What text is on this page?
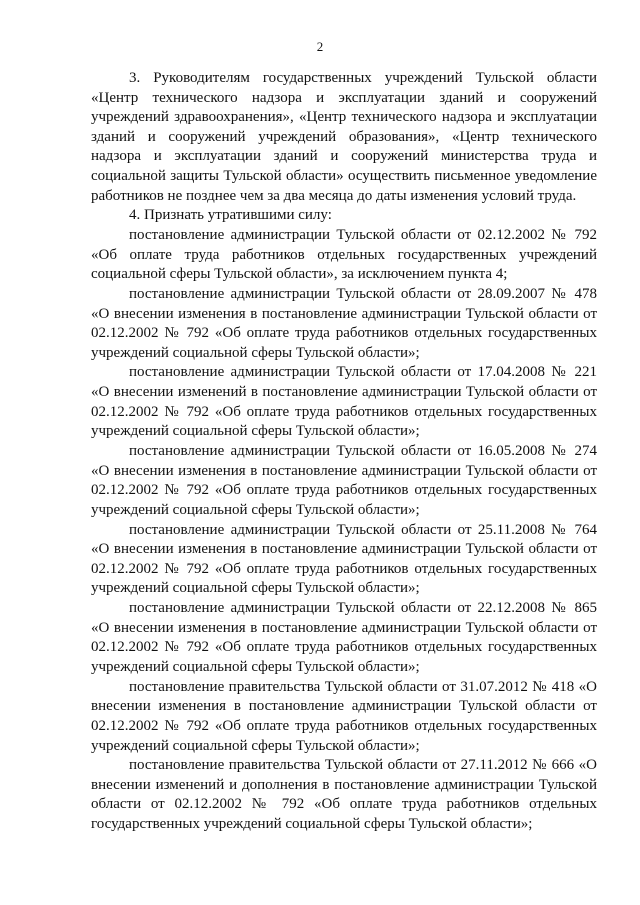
2
3. Руководителям государственных учреждений Тульской области «Центр технического надзора и эксплуатации зданий и сооружений учреждений здравоохранения», «Центр технического надзора и эксплуатации зданий и сооружений учреждений образования», «Центр технического надзора и эксплуатации зданий и сооружений министерства труда и социальной защиты Тульской области» осуществить письменное уведомление работников не позднее чем за два месяца до даты изменения условий труда.
4. Признать утратившими силу:
постановление администрации Тульской области от 02.12.2002 № 792 «Об оплате труда работников отдельных государственных учреждений социальной сферы Тульской области», за исключением пункта 4;
постановление администрации Тульской области от 28.09.2007 № 478 «О внесении изменения в постановление администрации Тульской области от 02.12.2002 № 792 «Об оплате труда работников отдельных государственных учреждений социальной сферы Тульской области»;
постановление администрации Тульской области от 17.04.2008 № 221 «О внесении изменений в постановление администрации Тульской области от 02.12.2002 № 792 «Об оплате труда работников отдельных государственных учреждений социальной сферы Тульской области»;
постановление администрации Тульской области от 16.05.2008 № 274 «О внесении изменения в постановление администрации Тульской области от 02.12.2002 № 792 «Об оплате труда работников отдельных государственных учреждений социальной сферы Тульской области»;
постановление администрации Тульской области от 25.11.2008 № 764 «О внесении изменения в постановление администрации Тульской области от 02.12.2002 № 792 «Об оплате труда работников отдельных государственных учреждений социальной сферы Тульской области»;
постановление администрации Тульской области от 22.12.2008 № 865 «О внесении изменения в постановление администрации Тульской области от 02.12.2002 № 792 «Об оплате труда работников отдельных государственных учреждений социальной сферы Тульской области»;
постановление правительства Тульской области от 31.07.2012 № 418 «О внесении изменения в постановление администрации Тульской области от 02.12.2002 № 792 «Об оплате труда работников отдельных государственных учреждений социальной сферы Тульской области»;
постановление правительства Тульской области от 27.11.2012 № 666 «О внесении изменений и дополнения в постановление администрации Тульской области от 02.12.2002 № 792 «Об оплате труда работников отдельных государственных учреждений социальной сферы Тульской области»;
